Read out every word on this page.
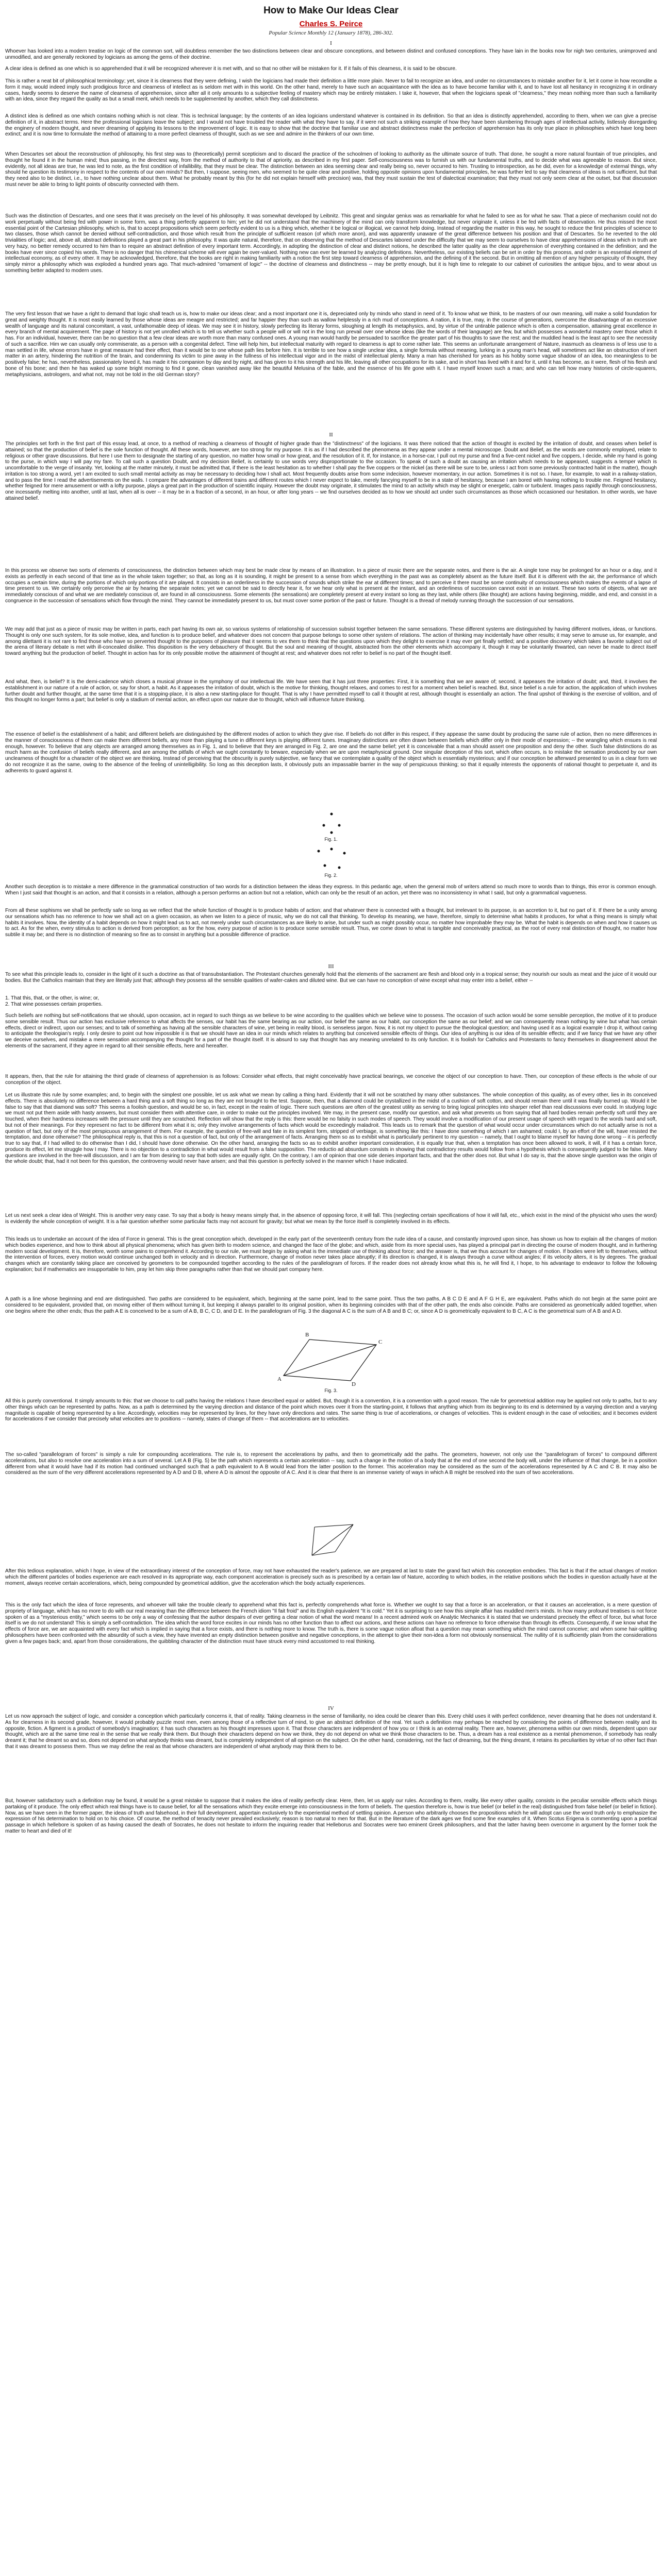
How to Make Our Ideas Clear
Charles S. Peirce
Popular Science Monthly 12 (January 1878), 286-302.
I

Whoever has looked into a modern treatise on logic of the common sort, will doubtless remember the two distinctions between clear and obscure conceptions, and between distinct and confused conceptions. They have lain in the books now for nigh two centuries, unimproved and unmodified, and are generally reckoned by logicians as among the gems of their doctrine.

A clear idea is defined as one which is so apprehended that it will be recognized wherever it is met with, and so that no other will be mistaken for it. If it fails of this clearness, it is said to be obscure.

This is rather a neat bit of philosophical terminology; yet, since it is clearness that they were defining, I wish the logicians had made their definition a little more plain. Never to fail to recognize an idea, and under no circumstances to mistake another for it, let it come in how recondite a form it may, would indeed imply such prodigious force and clearness of intellect as is seldom met with in this world. On the other hand, merely to have such an acquaintance with the idea as to have become familiar with it, and to have lost all hesitancy in recognizing it in ordinary cases, hardly seems to deserve the name of clearness of apprehension, since after all it only amounts to a subjective feeling of mastery which may be entirely mistaken. I take it, however, that when the logicians speak of "clearness," they mean nothing more than such a familiarity with an idea, since they regard the quality as but a small merit, which needs to be supplemented by another, which they call distinctness.

A distinct idea is defined as one which contains nothing which is not clear. This is technical language; by the contents of an idea logicians understand whatever is contained in its definition. So that an idea is distinctly apprehended, according to them, when we can give a precise definition of it, in abstract terms. Here the professional logicians leave the subject; and I would not have troubled the reader with what they have to say, if it were not such a striking example of how they have been slumbering through ages of intellectual activity, listlessly disregarding the enginery of modern thought, and never dreaming of applying its lessons to the improvement of logic. It is easy to show that the doctrine that familiar use and abstract distinctness make the perfection of apprehension has its only true place in philosophies which have long been extinct; and it is now time to formulate the method of attaining to a more perfect clearness of thought, such as we see and admire in the thinkers of our own time.

When Descartes set about the reconstruction of philosophy, his first step was to (theoretically) permit scepticism and to discard the practice of the schoolmen of looking to authority as the ultimate source of truth. That done, he sought a more natural fountain of true principles, and thought he found it in the human mind; thus passing, in the directest way, from the method of authority to that of apriority, as described in my first paper. Self-consciousness was to furnish us with our fundamental truths, and to decide what was agreeable to reason. But since, evidently, not all ideas are true, he was led to note, as the first condition of infallibility, that they must be clear. The distinction between an idea seeming clear and really being so, never occurred to him. Trusting to introspection, as he did, even for a knowledge of external things, why should he question its testimony in respect to the contents of our own minds? But then, I suppose, seeing men, who seemed to be quite clear and positive, holding opposite opinions upon fundamental principles, he was further led to say that clearness of ideas is not sufficient, but that they need also to be distinct, i.e., to have nothing unclear about them. What he probably meant by this (for he did not explain himself with precision) was, that they must sustain the test of dialectical examination; that they must not only seem clear at the outset, but that discussion must never be able to bring to light points of obscurity connected with them.

Such was the distinction of Descartes, and one sees that it was precisely on the level of his philosophy. It was somewhat developed by Leibnitz. This great and singular genius was as remarkable for what he failed to see as for what he saw. That a piece of mechanism could not do work perpetually without being fed with power in some form, was a thing perfectly apparent to him; yet he did not understand that the machinery of the mind can only transform knowledge, but never originate it, unless it be fed with facts of observation. He thus missed the most essential point of the Cartesian philosophy, which is, that to accept propositions which seem perfectly evident to us is a thing which, whether it be logical or illogical, we cannot help doing. Instead of regarding the matter in this way, he sought to reduce the first principles of science to two classes, those which cannot be denied without self-contradiction, and those which result from the principle of sufficient reason (of which more anon), and was apparently unaware of the great difference between his position and that of Descartes. So he reverted to the old trivialities of logic; and, above all, abstract definitions played a great part in his philosophy. It was quite natural, therefore, that on observing that the method of Descartes labored under the difficulty that we may seem to ourselves to have clear apprehensions of ideas which in truth are very hazy, no better remedy occurred to him than to require an abstract definition of every important term. Accordingly, in adopting the distinction of clear and distinct notions, he described the latter quality as the clear apprehension of everything contained in the definition; and the books have ever since copied his words. There is no danger that his chimerical scheme will ever again be over-valued. Nothing new can ever be learned by analyzing definitions. Nevertheless, our existing beliefs can be set in order by this process, and order is an essential element of intellectual economy, as of every other. It may be acknowledged, therefore, that the books are right in making familiarity with a notion the first step toward clearness of apprehension, and the defining of it the second. But in omitting all mention of any higher perspicuity of thought, they simply mirror a philosophy which was exploded a hundred years ago. That much-admired "ornament of logic" -- the doctrine of clearness and distinctness -- may be pretty enough, but it is high time to relegate to our cabinet of curiosities the antique bijou, and to wear about us something better adapted to modern uses.

The very first lesson that we have a right to demand that logic shall teach us is, how to make our ideas clear; and a most important one it is, depreciated only by minds who stand in need of it. To know what we think, to be masters of our own meaning, will make a solid foundation for great and weighty thought. It is most easily learned by those whose ideas are meagre and restricted; and far happier they than such as wallow helplessly in a rich mud of conceptions. A nation, it is true, may, in the course of generations, overcome the disadvantage of an excessive wealth of language and its natural concomitant, a vast, unfathomable deep of ideas. We may see it in history, slowly perfecting its literary forms, sloughing at length its metaphysics, and, by virtue of the untirable patience which is often a compensation, attaining great excellence in every branch of mental acquirement. The page of history is not yet unrolled which is to tell us whether such a people will or will not in the long run prevail over one whose ideas (like the words of their language) are few, but which possesses a wonderful mastery over those which it has. For an individual, however, there can be no question that a few clear ideas are worth more than many confused ones. A young man would hardly be persuaded to sacrifice the greater part of his thoughts to save the rest; and the muddled head is the least apt to see the necessity of such a sacrifice. Him we can usually only commiserate, as a person with a congenital defect. Time will help him, but intellectual maturity with regard to clearness is apt to come rather late. This seems an unfortunate arrangement of Nature, inasmuch as clearness is of less use to a man settled in life, whose errors have in great measure had their effect, than it would be to one whose path lies before him. It is terrible to see how a single unclear idea, a single formula without meaning, lurking in a young man's head, will sometimes act like an obstruction of inert matter in an artery, hindering the nutrition of the brain, and condemning its victim to pine away in the fullness of his intellectual vigor and in the midst of intellectual plenty. Many a man has cherished for years as his hobby some vague shadow of an idea, too meaningless to be positively false; he has, nevertheless, passionately loved it, has made it his companion by day and by night, and has given to it his strength and his life, leaving all other occupations for its sake, and in short has lived with it and for it, until it has become, as it were, flesh of his flesh and bone of his bone; and then he has waked up some bright morning to find it gone, clean vanished away like the beautiful Melusina of the fable, and the essence of his life gone with it. I have myself known such a man; and who can tell how many histories of circle-squarers, metaphysicians, astrologers, and what not, may not be told in the old German story?

II

The principles set forth in the first part of this essay lead, at once, to a method of reaching a clearness of thought of higher grade than the "distinctness" of the logicians. It was there noticed that the action of thought is excited by the irritation of doubt, and ceases when belief is attained; so that the production of belief is the sole function of thought. All these words, however, are too strong for my purpose. It is as if I had described the phenomena as they appear under a mental microscope. Doubt and Belief, as the words are commonly employed, relate to religious or other grave discussions. But here I use them to designate the starting of any question, no matter how small or how great, and the resolution of it. If, for instance, in a horse-car, I pull out my purse and find a five-cent nickel and five coppers, I decide, while my hand is going to the purse, in which way I will pay my fare. To call such a question Doubt, and my decision Belief, is certainly to use words very disproportionate to the occasion. To speak of such a doubt as causing an irritation which needs to be appeased, suggests a temper which is uncomfortable to the verge of insanity. Yet, looking at the matter minutely, it must be admitted that, if there is the least hesitation as to whether I shall pay the five coppers or the nickel (as there will be sure to be, unless I act from some previously contracted habit in the matter), though irritation is too strong a word, yet I am excited to such small mental activity as may be necessary to deciding how I shall act. Most frequently doubts arise from some indecision, however momentary, in our action. Sometimes it is not so. I have, for example, to wait in a railway-station, and to pass the time I read the advertisements on the walls. I compare the advantages of different trains and different routes which I never expect to take, merely fancying myself to be in a state of hesitancy, because I am bored with having nothing to trouble me. Feigned hesitancy, whether feigned for mere amusement or with a lofty purpose, plays a great part in the production of scientific inquiry. However the doubt may originate, it stimulates the mind to an activity which may be slight or energetic, calm or turbulent. Images pass rapidly through consciousness, one incessantly melting into another, until at last, when all is over -- it may be in a fraction of a second, in an hour, or after long years -- we find ourselves decided as to how we should act under such circumstances as those which occasioned our hesitation. In other words, we have attained belief.

In this process we observe two sorts of elements of consciousness, the distinction between which may best be made clear by means of an illustration. In a piece of music there are the separate notes, and there is the air. A single tone may be prolonged for an hour or a day, and it exists as perfectly in each second of that time as in the whole taken together; so that, as long as it is sounding, it might be present to a sense from which everything in the past was as completely absent as the future itself. But it is different with the air, the performance of which occupies a certain time, during the portions of which only portions of it are played. It consists in an orderliness in the succession of sounds which strike the ear at different times; and to perceive it there must be some continuity of consciousness which makes the events of a lapse of time present to us. We certainly only perceive the air by hearing the separate notes; yet we cannot be said to directly hear it, for we hear only what is present at the instant, and an orderliness of succession cannot exist in an instant. These two sorts of objects, what we are immediately conscious of and what we are mediately conscious of, are found in all consciousness. Some elements (the sensations) are completely present at every instant so long as they last, while others (like thought) are actions having beginning, middle, and end, and consist in a congruence in the succession of sensations which flow through the mind. They cannot be immediately present to us, but must cover some portion of the past or future. Thought is a thread of melody running through the succession of our sensations.

We may add that just as a piece of music may be written in parts, each part having its own air, so various systems of relationship of succession subsist together between the same sensations. These different systems are distinguished by having different motives, ideas, or functions. Thought is only one such system, for its sole motive, idea, and function is to produce belief, and whatever does not concern that purpose belongs to some other system of relations. The action of thinking may incidentally have other results; it may serve to amuse us, for example, and among dilettanti it is not rare to find those who have so perverted thought to the purposes of pleasure that it seems to vex them to think that the questions upon which they delight to exercise it may ever get finally settled; and a positive discovery which takes a favorite subject out of the arena of literary debate is met with ill-concealed dislike. This disposition is the very debauchery of thought. But the soul and meaning of thought, abstracted from the other elements which accompany it, though it may be voluntarily thwarted, can never be made to direct itself toward anything but the production of belief. Thought in action has for its only possible motive the attainment of thought at rest; and whatever does not refer to belief is no part of the thought itself.

And what, then, is belief? It is the demi-cadence which closes a musical phrase in the symphony of our intellectual life. We have seen that it has just three properties: First, it is something that we are aware of; second, it appeases the irritation of doubt; and, third, it involves the establishment in our nature of a rule of action, or, say for short, a habit. As it appeases the irritation of doubt, which is the motive for thinking, thought relaxes, and comes to rest for a moment when belief is reached. But, since belief is a rule for action, the application of which involves further doubt and further thought, at the same time that it is a stopping-place, it is also a new starting-place for thought. That is why I have permitted myself to call it thought at rest, although thought is essentially an action. The final upshot of thinking is the exercise of volition, and of this thought no longer forms a part; but belief is only a stadium of mental action, an effect upon our nature due to thought, which will influence future thinking.

The essence of belief is the establishment of a habit; and different beliefs are distinguished by the different modes of action to which they give rise. If beliefs do not differ in this respect, if they appease the same doubt by producing the same rule of action, then no mere differences in the manner of consciousness of them can make them different beliefs, any more than playing a tune in different keys is playing different tunes. Imaginary distinctions are often drawn between beliefs which differ only in their mode of expression; -- the wrangling which ensues is real enough, however. To believe that any objects are arranged among themselves as in Fig. 1, and to believe that they are arranged in Fig. 2, are one and the same belief; yet it is conceivable that a man should assert one proposition and deny the other. Such false distinctions do as much harm as the confusion of beliefs really different, and are among the pitfalls of which we ought constantly to beware, especially when we are upon metaphysical ground. One singular deception of this sort, which often occurs, is to mistake the sensation produced by our own unclearness of thought for a character of the object we are thinking. Instead of perceiving that the obscurity is purely subjective, we fancy that we contemplate a quality of the object which is essentially mysterious; and if our conception be afterward presented to us in a clear form we do not recognize it as the same, owing to the absence of the feeling of unintelligibility. So long as this deception lasts, it obviously puts an impassable barrier in the way of perspicuous thinking; so that it equally interests the opponents of rational thought to perpetuate it, and its adherents to guard against it.

Fig. 1.
Fig. 2.

Another such deception is to mistake a mere difference in the grammatical construction of two words for a distinction between the ideas they express. In this pedantic age, when the general mob of writers attend so much more to words than to things, this error is common enough. When I just said that thought is an action, and that it consists in a relation, although a person performs an action but not a relation, which can only be the result of an action, yet there was no inconsistency in what I said, but only a grammatical vagueness.

From all these sophisms we shall be perfectly safe so long as we reflect that the whole function of thought is to produce habits of action; and that whatever there is connected with a thought, but irrelevant to its purpose, is an accretion to it, but no part of it. If there be a unity among our sensations which has no reference to how we shall act on a given occasion, as when we listen to a piece of music, why we do not call that thinking. To develop its meaning, we have, therefore, simply to determine what habits it produces, for what a thing means is simply what habits it involves. Now, the identity of a habit depends on how it might lead us to act, not merely under such circumstances as are likely to arise, but under such as might possibly occur, no matter how improbable they may be. What the habit is depends on when and how it causes us to act. As for the when, every stimulus to action is derived from perception; as for the how, every purpose of action is to produce some sensible result. Thus, we come down to what is tangible and conceivably practical, as the root of every real distinction of thought, no matter how subtile it may be; and there is no distinction of meaning so fine as to consist in anything but a possible difference of practice.

III

To see what this principle leads to, consider in the light of it such a doctrine as that of transubstantiation. The Protestant churches generally hold that the elements of the sacrament are flesh and blood only in a tropical sense; they nourish our souls as meat and the juice of it would our bodies. But the Catholics maintain that they are literally just that; although they possess all the sensible qualities of wafer-cakes and diluted wine. But we can have no conception of wine except what may enter into a belief, either --

1. That this, that, or the other, is wine; or,
2. That wine possesses certain properties.

Such beliefs are nothing but self-notifications that we should, upon occasion, act in regard to such things as we believe to be wine according to the qualities which we believe wine to possess. The occasion of such action would be some sensible perception, the motive of it to produce some sensible result. Thus our action has exclusive reference to what affects the senses, our habit has the same bearing as our action, our belief the same as our habit, our conception the same as our belief; and we can consequently mean nothing by wine but what has certain effects, direct or indirect, upon our senses; and to talk of something as having all the sensible characters of wine, yet being in reality blood, is senseless jargon. Now, it is not my object to pursue the theological question; and having used it as a logical example I drop it, without caring to anticipate the theologian's reply. I only desire to point out how impossible it is that we should have an idea in our minds which relates to anything but conceived sensible effects of things. Our idea of anything is our idea of its sensible effects; and if we fancy that we have any other we deceive ourselves, and mistake a mere sensation accompanying the thought for a part of the thought itself. It is absurd to say that thought has any meaning unrelated to its only function. It is foolish for Catholics and Protestants to fancy themselves in disagreement about the elements of the sacrament, if they agree in regard to all their sensible effects, here and hereafter.

It appears, then, that the rule for attaining the third grade of clearness of apprehension is as follows: Consider what effects, that might conceivably have practical bearings, we conceive the object of our conception to have. Then, our conception of these effects is the whole of our conception of the object.

Let us illustrate this rule by some examples; and, to begin with the simplest one possible, let us ask what we mean by calling a thing hard. Evidently that it will not be scratched by many other substances. The whole conception of this quality, as of every other, lies in its conceived effects. There is absolutely no difference between a hard thing and a soft thing so long as they are not brought to the test. Suppose, then, that a diamond could be crystallized in the midst of a cushion of soft cotton, and should remain there until it was finally burned up. Would it be false to say that that diamond was soft? This seems a foolish question, and would be so, in fact, except in the realm of logic. There such questions are often of the greatest utility as serving to bring logical principles into sharper relief than real discussions ever could. In studying logic we must not put them aside with hasty answers, but must consider them with attentive care, in order to make out the principles involved. We may, in the present case, modify our question, and ask what prevents us from saying that all hard bodies remain perfectly soft until they are touched, when their hardness increases with the pressure until they are scratched. Reflection will show that the reply is this: there would be no falsity in such modes of speech. They would involve a modification of our present usage of speech with regard to the words hard and soft, but not of their meanings. For they represent no fact to be different from what it is; only they involve arrangements of facts which would be exceedingly maladroit. This leads us to remark that the question of what would occur under circumstances which do not actually arise is not a question of fact, but only of the most perspicuous arrangement of them. For example, the question of free-will and fate in its simplest form, stripped of verbiage, is something like this: I have done something of which I am ashamed; could I, by an effort of the will, have resisted the temptation, and done otherwise? The philosophical reply is, that this is not a question of fact, but only of the arrangement of facts. Arranging them so as to exhibit what is particularly pertinent to my question -- namely, that I ought to blame myself for having done wrong -- it is perfectly true to say that, if I had willed to do otherwise than I did, I should have done otherwise. On the other hand, arranging the facts so as to exhibit another important consideration, it is equally true that, when a temptation has once been allowed to work, it will, if it has a certain force, produce its effect, let me struggle how I may. There is no objection to a contradiction in what would result from a false supposition. The reductio ad absurdum consists in showing that contradictory results would follow from a hypothesis which is consequently judged to be false. Many questions are involved in the free-will discussion, and I am far from desiring to say that both sides are equally right. On the contrary, I am of opinion that one side denies important facts, and that the other does not. But what I do say is, that the above single question was the origin of the whole doubt; that, had it not been for this question, the controversy would never have arisen; and that this question is perfectly solved in the manner which I have indicated.

Let us next seek a clear idea of Weight. This is another very easy case. To say that a body is heavy means simply that, in the absence of opposing force, it will fall. This (neglecting certain specifications of how it will fall, etc., which exist in the mind of the physicist who uses the word) is evidently the whole conception of weight. It is a fair question whether some particular facts may not account for gravity; but what we mean by the force itself is completely involved in its effects.

This leads us to undertake an account of the idea of Force in general. This is the great conception which, developed in the early part of the seventeenth century from the rude idea of a cause, and constantly improved upon since, has shown us how to explain all the changes of motion which bodies experience, and how to think about all physical phenomena; which has given birth to modern science, and changed the face of the globe; and which, aside from its more special uses, has played a principal part in directing the course of modern thought, and in furthering modern social development. It is, therefore, worth some pains to comprehend it. According to our rule, we must begin by asking what is the immediate use of thinking about force; and the answer is, that we thus account for changes of motion. If bodies were left to themselves, without the intervention of forces, every motion would continue unchanged both in velocity and in direction. Furthermore, change of motion never takes place abruptly; if its direction is changed, it is always through a curve without angles; if its velocity alters, it is by degrees. The gradual changes which are constantly taking place are conceived by geometers to be compounded together according to the rules of the parallelogram of forces. If the reader does not already know what this is, he will find it, I hope, to his advantage to endeavor to follow the following explanation; but if mathematics are insupportable to him, pray let him skip three paragraphs rather than that we should part company here.

A path is a line whose beginning and end are distinguished. Two paths are considered to be equivalent, which, beginning at the same point, lead to the same point. Thus the two paths, A B C D E and A F G H E, are equivalent. Paths which do not begin at the same point are considered to be equivalent, provided that, on moving either of them without turning it, but keeping it always parallel to its original position, when its beginning coincides with that of the other path, the ends also coincide. Paths are considered as geometrically added together, when one begins where the other ends; thus the path A E is conceived to be a sum of A B, B C, C D, and D E. In the parallelogram of Fig. 3 the diagonal A C is the sum of A B and B C; or, since A D is geometrically equivalent to B C, A C is the geometrical sum of A B and A D.

A
B
C
D
Fig. 3.

All this is purely conventional. It simply amounts to this: that we choose to call paths having the relations I have described equal or added. But, though it is a convention, it is a convention with a good reason. The rule for geometrical addition may be applied not only to paths, but to any other things which can be represented by paths. Now, as a path is determined by the varying direction and distance of the point which moves over it from the starting-point, it follows that anything which from its beginning to its end is determined by a varying direction and a varying magnitude is capable of being represented by a line. Accordingly, velocities may be represented by lines, for they have only directions and rates. The same thing is true of accelerations, or changes of velocities. This is evident enough in the case of velocities; and it becomes evident for accelerations if we consider that precisely what velocities are to positions -- namely, states of change of them -- that accelerations are to velocities.

The so-called "parallelogram of forces" is simply a rule for compounding accelerations. The rule is, to represent the accelerations by paths, and then to geometrically add the paths. The geometers, however, not only use the "parallelogram of forces" to compound different accelerations, but also to resolve one acceleration into a sum of several. Let A B (Fig. 5) be the path which represents a certain acceleration -- say, such a change in the motion of a body that at the end of one second the body will, under the influence of that change, be in a position different from what it would have had if its motion had continued unchanged such that a path equivalent to A B would lead from the latter position to the former. This acceleration may be considered as the sum of the accelerations represented by A C and C B. It may also be considered as the sum of the very different accelerations represented by A D and D B, where A D is almost the opposite of A C. And it is clear that there is an immense variety of ways in which A B might be resolved into the sum of two accelerations.

After this tedious explanation, which I hope, in view of the extraordinary interest of the conception of force, may not have exhausted the reader's patience, we are prepared at last to state the grand fact which this conception embodies. This fact is that if the actual changes of motion which the different particles of bodies experience are each resolved in its appropriate way, each component acceleration is precisely such as is prescribed by a certain law of Nature, according to which bodies, in the relative positions which the bodies in question actually have at the moment, always receive certain accelerations, which, being compounded by geometrical addition, give the acceleration which the body actually experiences.

This is the only fact which the idea of force represents, and whoever will take the trouble clearly to apprehend what this fact is, perfectly comprehends what force is. Whether we ought to say that a force is an acceleration, or that it causes an acceleration, is a mere question of propriety of language, which has no more to do with our real meaning than the difference between the French idiom "Il fait froid" and its English equivalent "It is cold." Yet it is surprising to see how this simple affair has muddled men's minds. In how many profound treatises is not force spoken of as a "mysterious entity," which seems to be only a way of confessing that the author despairs of ever getting a clear notion of what the word means! In a recent admired work on Analytic Mechanics it is stated that we understand precisely the effect of force, but what force itself is we do not understand! This is simply a self-contradiction. The idea which the word force excites in our minds has no other function than to affect our actions, and these actions can have no reference to force otherwise than through its effects. Consequently, if we know what the effects of force are, we are acquainted with every fact which is implied in saying that a force exists, and there is nothing more to know. The truth is, there is some vague notion afloat that a question may mean something which the mind cannot conceive; and when some hair-splitting philosophers have been confronted with the absurdity of such a view, they have invented an empty distinction between positive and negative conceptions, in the attempt to give their non-idea a form not obviously nonsensical. The nullity of it is sufficiently plain from the considerations given a few pages back; and, apart from those considerations, the quibbling character of the distinction must have struck every mind accustomed to real thinking.

IV

Let us now approach the subject of logic, and consider a conception which particularly concerns it, that of reality. Taking clearness in the sense of familiarity, no idea could be clearer than this. Every child uses it with perfect confidence, never dreaming that he does not understand it. As for clearness in its second grade, however, it would probably puzzle most men, even among those of a reflective turn of mind, to give an abstract definition of the real. Yet such a definition may perhaps be reached by considering the points of difference between reality and its opposite, fiction. A figment is a product of somebody's imagination; it has such characters as his thought impresses upon it. That those characters are independent of how you or I think is an external reality. There are, however, phenomena within our own minds, dependent upon our thought, which are at the same time real in the sense that we really think them. But though their characters depend on how we think, they do not depend on what we think those characters to be. Thus, a dream has a real existence as a mental phenomenon, if somebody has really dreamt it; that he dreamt so and so, does not depend on what anybody thinks was dreamt, but is completely independent of all opinion on the subject. On the other hand, considering, not the fact of dreaming, but the thing dreamt, it retains its peculiarities by virtue of no other fact than that it was dreamt to possess them. Thus we may define the real as that whose characters are independent of what anybody may think them to be.

But, however satisfactory such a definition may be found, it would be a great mistake to suppose that it makes the idea of reality perfectly clear. Here, then, let us apply our rules. According to them, reality, like every other quality, consists in the peculiar sensible effects which things partaking of it produce. The only effect which real things have is to cause belief, for all the sensations which they excite emerge into consciousness in the form of beliefs. The question therefore is, how is true belief (or belief in the real) distinguished from false belief (or belief in fiction). Now, as we have seen in the former paper, the ideas of truth and falsehood, in their full development, appertain exclusively to the experiential method of settling opinion. A person who arbitrarily chooses the propositions which he will adopt can use the word truth only to emphasize the expression of his determination to hold on to his choice. Of course, the method of tenacity never prevailed exclusively; reason is too natural to men for that. But in the literature of the dark ages we find some fine examples of it. When Scotus Erigena is commenting upon a poetical passage in which hellebore is spoken of as having caused the death of Socrates, he does not hesitate to inform the inquiring reader that Helleborus and Socrates were two eminent Greek philosophers, and that the latter having been overcome in argument by the former took the matter to heart and died of it!
